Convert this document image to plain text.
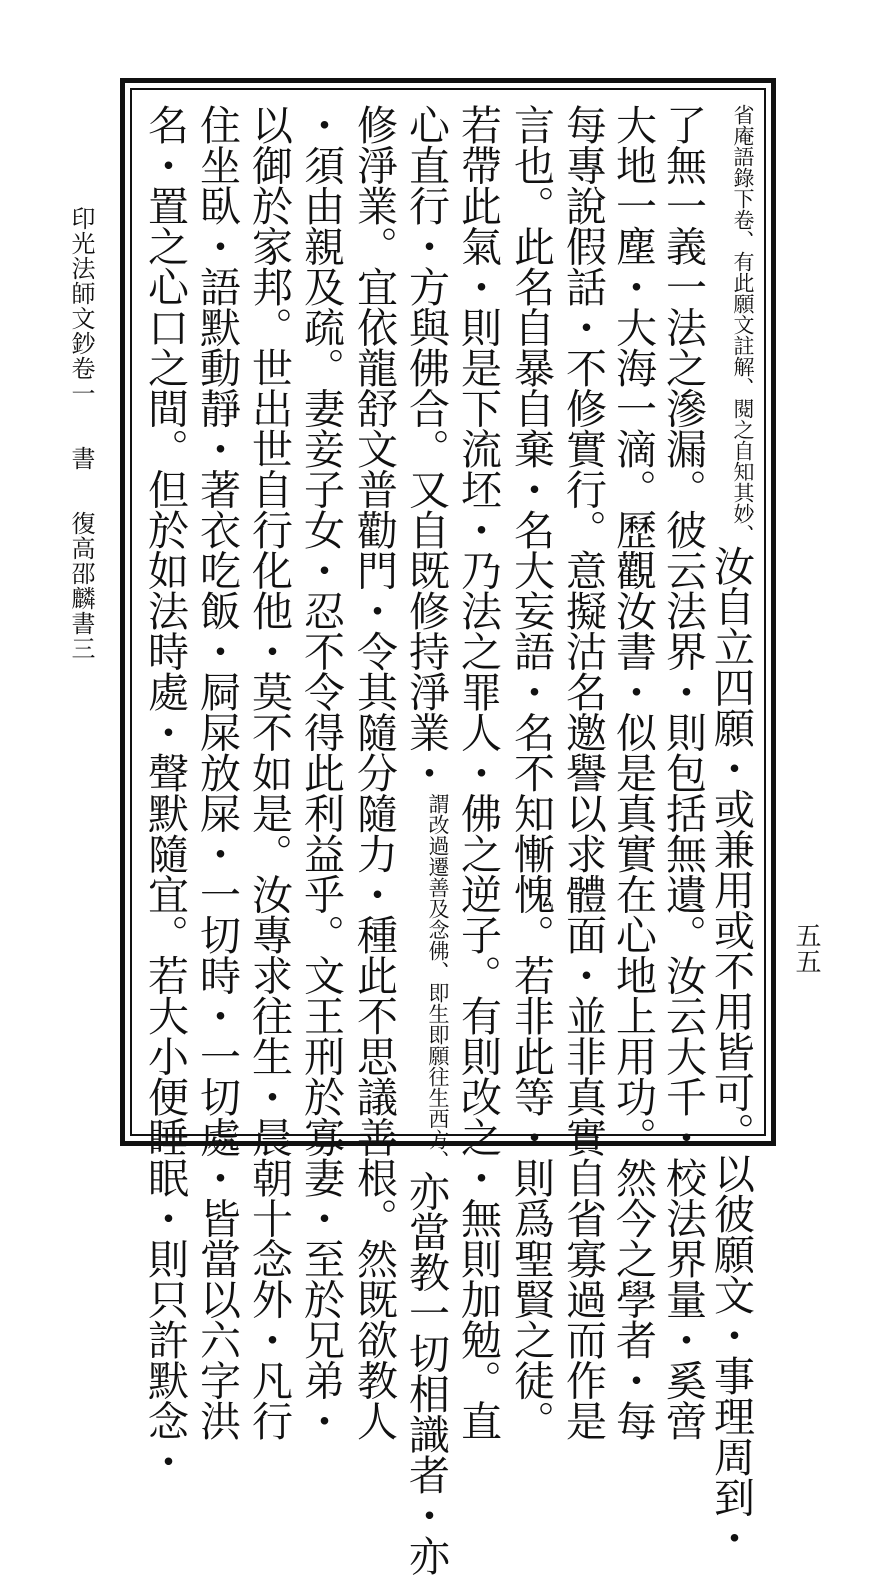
印光法師文鈔卷一書復高邵麟書三
五五
省庵語錄下卷、有此願文註解、閱之自知其妙、汝自立四願・或兼用或不用皆可。以彼願文・事理周到・
了無一義一法之滲漏。彼云法界・則包括無遺。汝云大千・校法界量・奚啻
大地一塵・大海一滴。歷觀汝書・似是真實在心地上用功。然今之學者・每
每專說假話・不修實行。意擬沽名邀譽以求體面・並非真實自省寡過而作是
言也。此名自暴自棄・名大妄語・名不知慚愧。若非此等・則爲聖賢之徒。
若帶此氣・則是下流坯・乃法之罪人・佛之逆子。有則改之・無則加勉。直
心直行・方與佛合。又自既修持淨業・謂改過遷善及念佛、即生即願往生西方、亦當教一切相識者・亦
修淨業。宜依龍舒文普勸門・令其隨分隨力・種此不思議善根。然既欲教人
・須由親及疏。妻妾子女・忍不令得此利益乎。文王刑於寡妻・至於兄弟・
以御於家邦。世出世自行化他・莫不如是。汝專求往生・晨朝十念外・凡行
住坐臥・語默動靜・著衣吃飯・屙屎放屎・一切時・一切處・皆當以六字洪
名・置之心口之間。但於如法時處・聲默隨宜。若大小便睡眠・則只許默念・
